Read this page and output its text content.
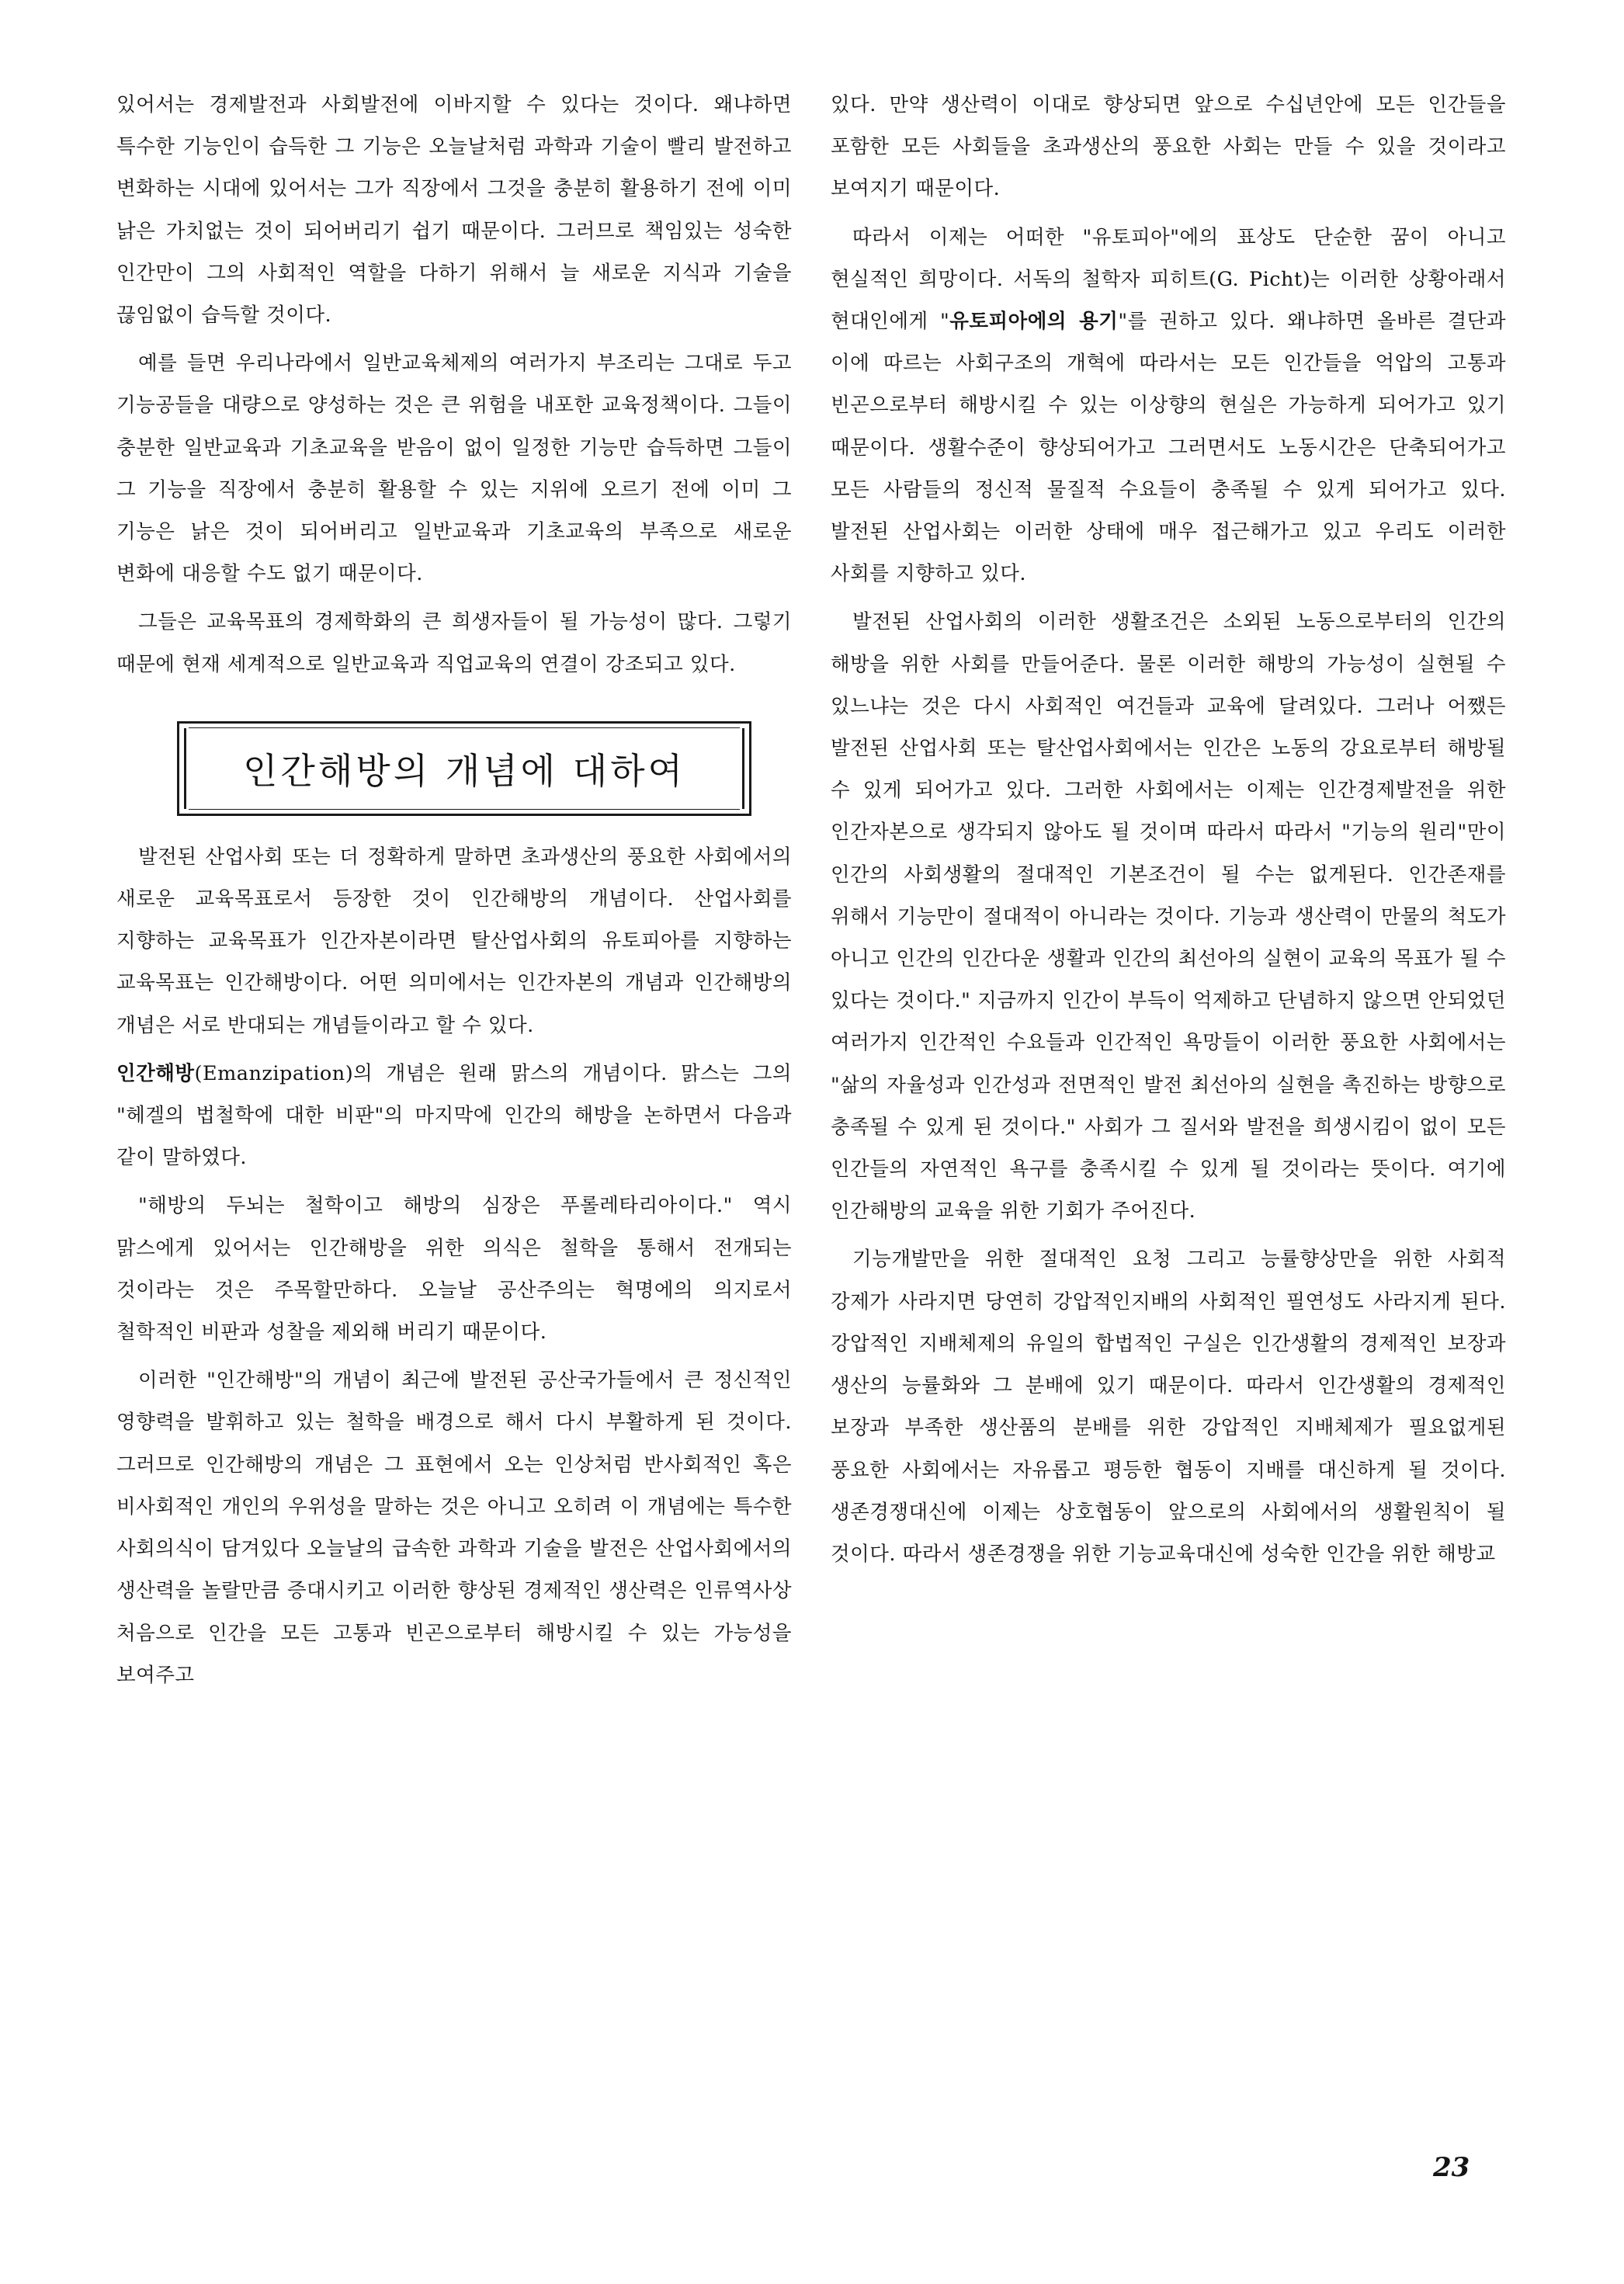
있어서는 경제발전과 사회발전에 이바지할 수 있다는 것이다. 왜냐하면 특수한 기능인이 습득한 그 기능은 오늘날처럼 과학과 기술이 빨리 발전하고 변화하는 시대에 있어서는 그가 직장에서 그것을 충분히 활용하기 전에 이미 낡은 가치없는 것이 되어버리기 쉽기 때문이다. 그러므로 책임있는 성숙한 인간만이 그의 사회적인 역할을 다하기 위해서 늘 새로운 지식과 기술을 끊임없이 습득할 것이다.

예를 들면 우리나라에서 일반교육체제의 여러가지 부조리는 그대로 두고 기능공들을 대량으로 양성하는 것은 큰 위험을 내포한 교육정책이다. 그들이 충분한 일반교육과 기초교육을 받음이 없이 일정한 기능만 습득하면 그들이 그 기능을 직장에서 충분히 활용할 수 있는 지위에 오르기 전에 이미 그 기능은 낡은 것이 되어버리고 일반교육과 기초교육의 부족으로 새로운 변화에 대응할 수도 없기 때문이다.

그들은 교육목표의 경제학화의 큰 희생자들이 될 가능성이 많다. 그렇기 때문에 현재 세계적으로 일반교육과 직업교육의 연결이 강조되고 있다.

인간해방의 개념에 대하여

발전된 산업사회 또는 더 정확하게 말하면 초과생산의 풍요한 사회에서의 새로운 교육목표로서 등장한 것이 인간해방의 개념이다. 산업사회를 지향하는 교육목표가 인간자본이라면 탈산업사회의 유토피아를 지향하는 교육목표는 인간해방이다. 어떤 의미에서는 인간자본의 개념과 인간해방의 개념은 서로 반대되는 개념들이라고 할 수 있다.

인간해방(Emanzipation)의 개념은 원래 맑스의 개념이다. 맑스는 그의 "헤겔의 법철학에 대한 비판"의 마지막에 인간의 해방을 논하면서 다음과 같이 말하였다.

"해방의 두뇌는 철학이고 해방의 심장은 푸롤레타리아이다." 역시 맑스에게 있어서는 인간해방을 위한 의식은 철학을 통해서 전개되는 것이라는 것은 주목할만하다. 오늘날 공산주의는 혁명에의 의지로서 철학적인 비판과 성찰을 제외해 버리기 때문이다.

이러한 "인간해방"의 개념이 최근에 발전된 공산국가들에서 큰 정신적인 영향력을 발휘하고 있는 철학을 배경으로 해서 다시 부활하게 된 것이다. 그러므로 인간해방의 개념은 그 표현에서 오는 인상처럼 반사회적인 혹은 비사회적인 개인의 우위성을 말하는 것은 아니고 오히려 이 개념에는 특수한 사회의식이 담겨있다 오늘날의 급속한 과학과 기술을 발전은 산업사회에서의 생산력을 놀랄만큼 증대시키고 이러한 향상된 경제적인 생산력은 인류역사상 처음으로 인간을 모든 고통과 빈곤으로부터 해방시킬 수 있는 가능성을 보여주고

있다. 만약 생산력이 이대로 향상되면 앞으로 수십년안에 모든 인간들을 포함한 모든 사회들을 초과생산의 풍요한 사회는 만들 수 있을 것이라고 보여지기 때문이다.

따라서 이제는 어떠한 "유토피아"에의 표상도 단순한 꿈이 아니고 현실적인 희망이다. 서독의 철학자 피히트(G. Picht)는 이러한 상황아래서 현대인에게 "유토피아에의 용기"를 권하고 있다. 왜냐하면 올바른 결단과 이에 따르는 사회구조의 개혁에 따라서는 모든 인간들을 억압의 고통과 빈곤으로부터 해방시킬 수 있는 이상향의 현실은 가능하게 되어가고 있기 때문이다. 생활수준이 향상되어가고 그러면서도 노동시간은 단축되어가고 모든 사람들의 정신적 물질적 수요들이 충족될 수 있게 되어가고 있다. 발전된 산업사회는 이러한 상태에 매우 접근해가고 있고 우리도 이러한 사회를 지향하고 있다.

발전된 산업사회의 이러한 생활조건은 소외된 노동으로부터의 인간의 해방을 위한 사회를 만들어준다. 물론 이러한 해방의 가능성이 실현될 수 있느냐는 것은 다시 사회적인 여건들과 교육에 달려있다. 그러나 어쨌든 발전된 산업사회 또는 탈산업사회에서는 인간은 노동의 강요로부터 해방될 수 있게 되어가고 있다. 그러한 사회에서는 이제는 인간경제발전을 위한 인간자본으로 생각되지 않아도 될 것이며 따라서 따라서 "기능의 원리"만이 인간의 사회생활의 절대적인 기본조건이 될 수는 없게된다. 인간존재를 위해서 기능만이 절대적이 아니라는 것이다. 기능과 생산력이 만물의 척도가 아니고 인간의 인간다운 생활과 인간의 최선아의 실현이 교육의 목표가 될 수 있다는 것이다." 지금까지 인간이 부득이 억제하고 단념하지 않으면 안되었던 여러가지 인간적인 수요들과 인간적인 욕망들이 이러한 풍요한 사회에서는 "삶의 자율성과 인간성과 전면적인 발전 최선아의 실현을 촉진하는 방향으로 충족될 수 있게 된 것이다." 사회가 그 질서와 발전을 희생시킴이 없이 모든 인간들의 자연적인 욕구를 충족시킬 수 있게 될 것이라는 뜻이다. 여기에 인간해방의 교육을 위한 기회가 주어진다.

기능개발만을 위한 절대적인 요청 그리고 능률향상만을 위한 사회적 강제가 사라지면 당연히 강압적인지배의 사회적인 필연성도 사라지게 된다. 강압적인 지배체제의 유일의 합법적인 구실은 인간생활의 경제적인 보장과 생산의 능률화와 그 분배에 있기 때문이다. 따라서 인간생활의 경제적인 보장과 부족한 생산품의 분배를 위한 강압적인 지배체제가 필요없게된 풍요한 사회에서는 자유롭고 평등한 협동이 지배를 대신하게 될 것이다. 생존경쟁대신에 이제는 상호협동이 앞으로의 사회에서의 생활원칙이 될 것이다. 따라서 생존경쟁을 위한 기능교육대신에 성숙한 인간을 위한 해방교

23
